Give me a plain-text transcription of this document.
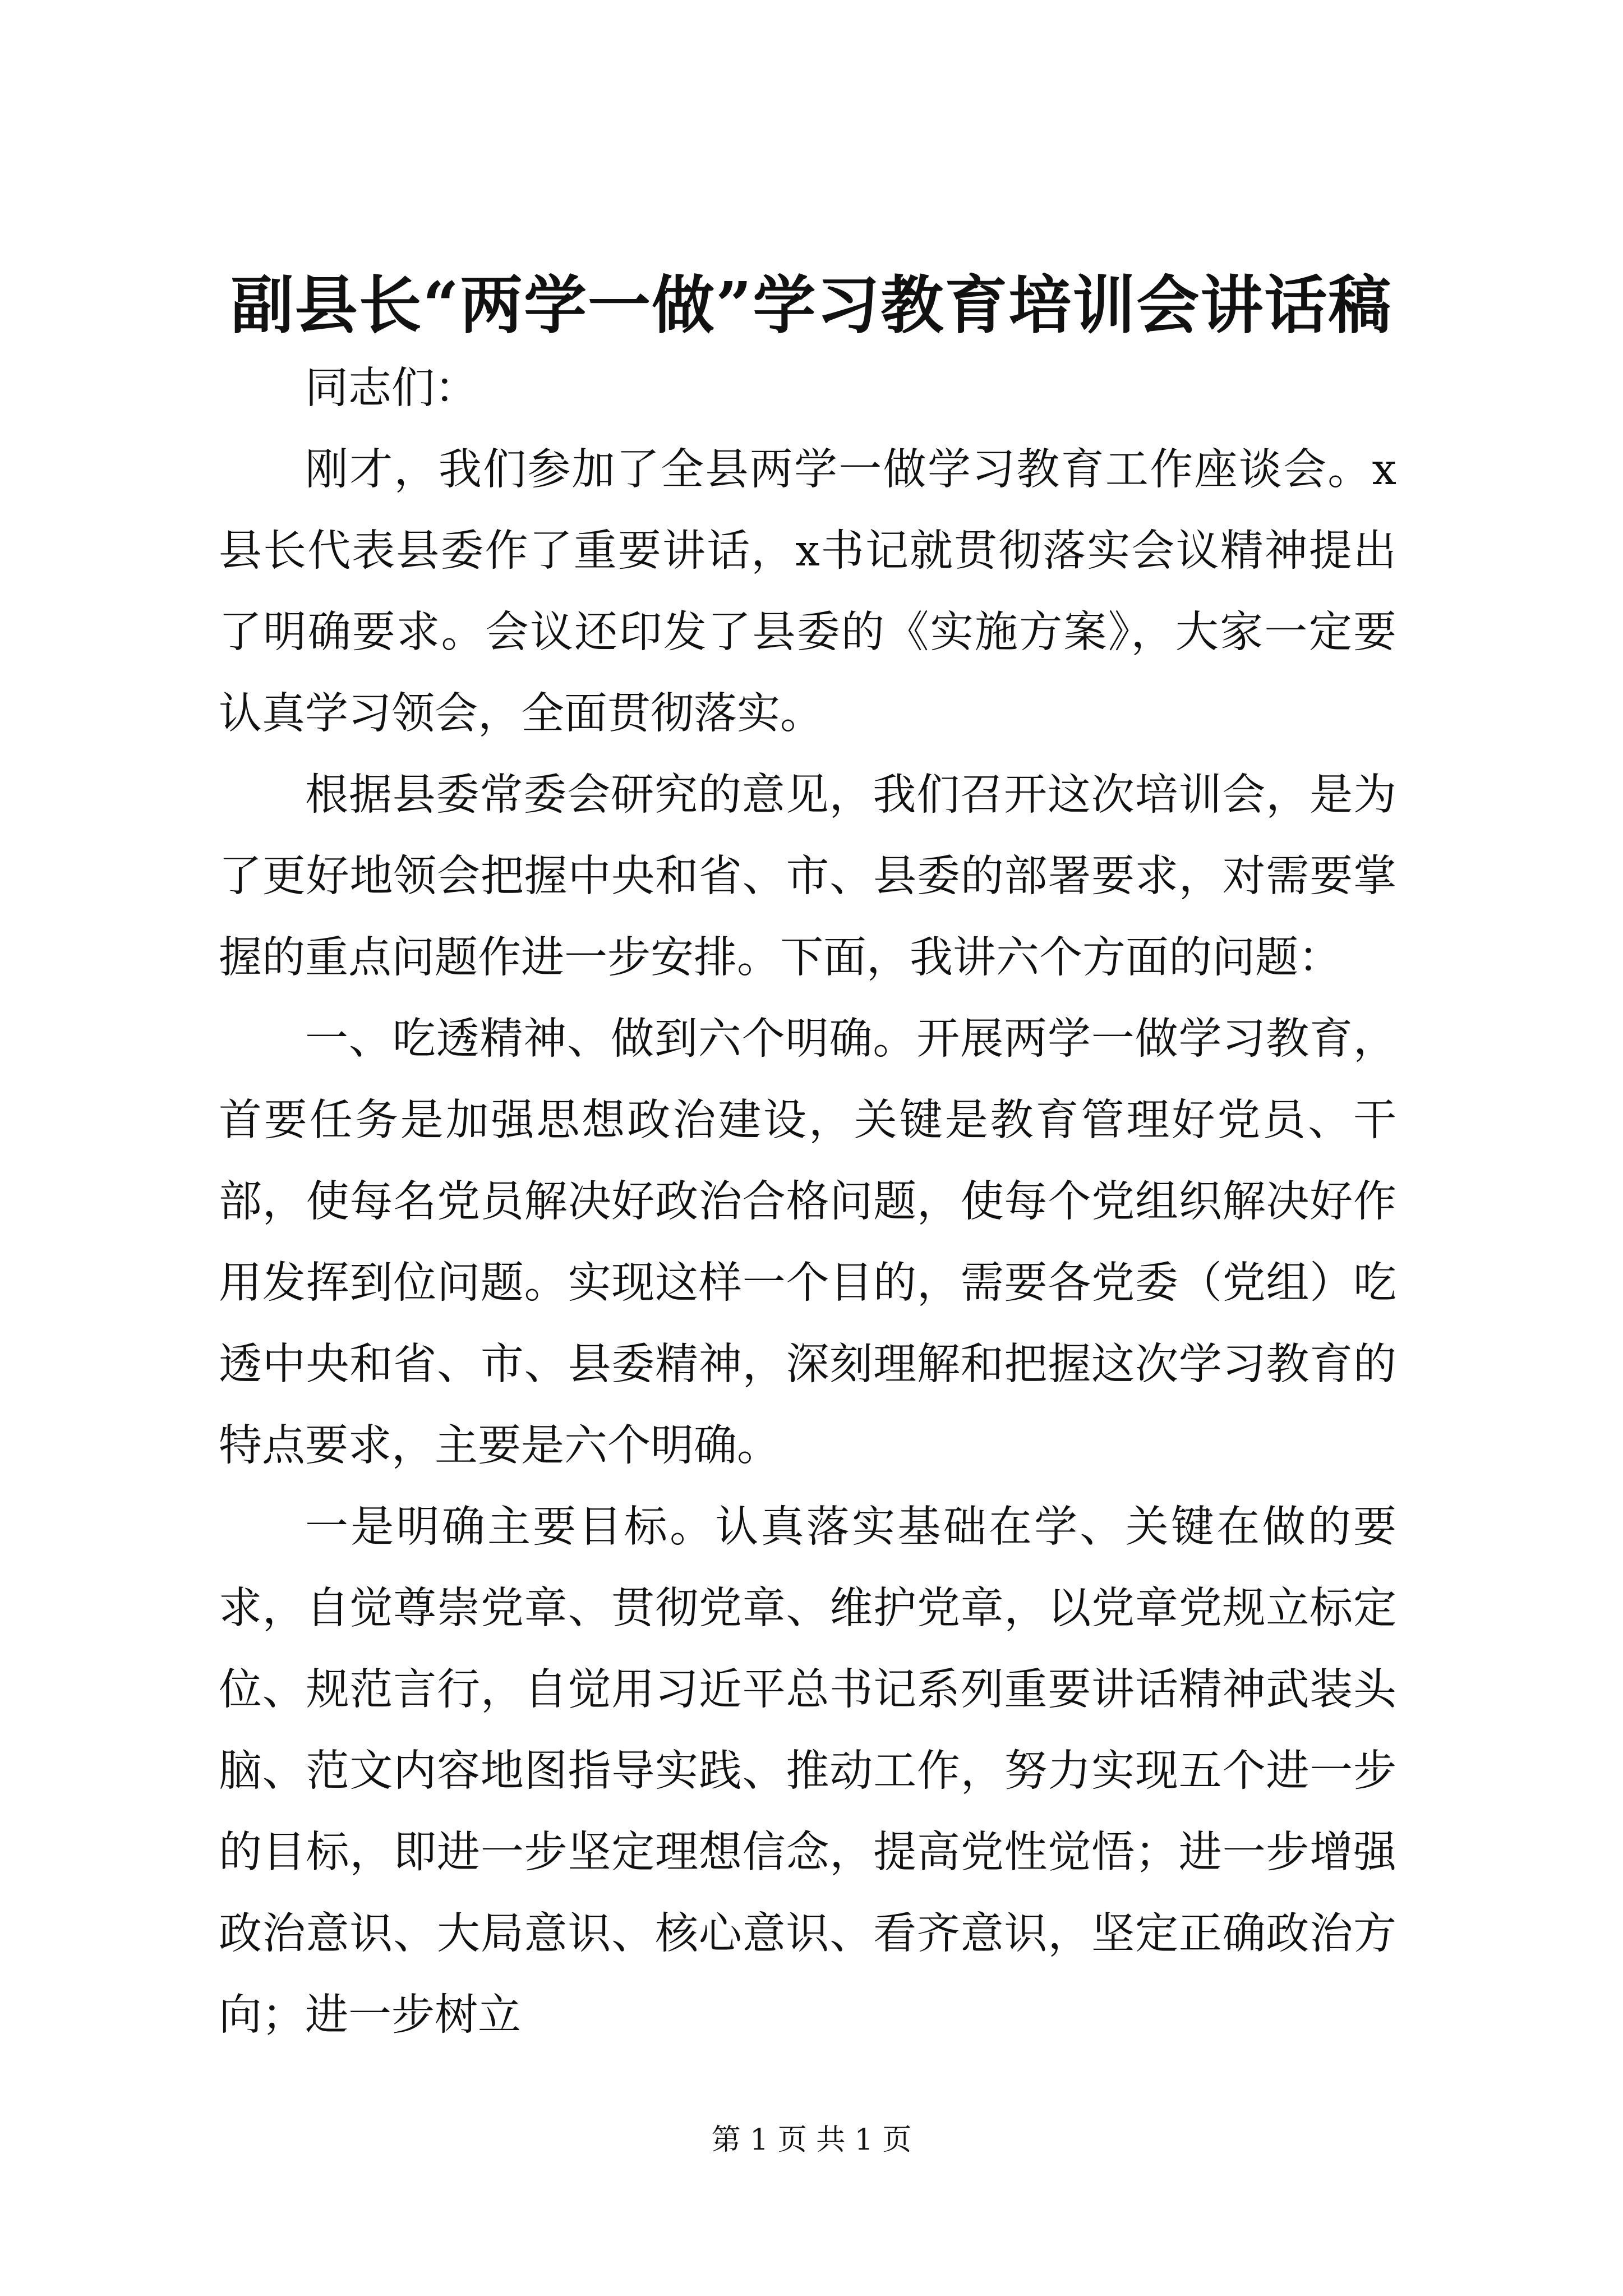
副县长“两学一做”学习教育培训会讲话稿

同志们：

刚才，我们参加了全县两学一做学习教育工作座谈会。x县长代表县委作了重要讲话，x书记就贯彻落实会议精神提出了明确要求。会议还印发了县委的《实施方案》，大家一定要认真学习领会，全面贯彻落实。

根据县委常委会研究的意见，我们召开这次培训会，是为了更好地领会把握中央和省、市、县委的部署要求，对需要掌握的重点问题作进一步安排。下面，我讲六个方面的问题：

一、吃透精神、做到六个明确。开展两学一做学习教育，首要任务是加强思想政治建设，关键是教育管理好党员、干部，使每名党员解决好政治合格问题，使每个党组织解决好作用发挥到位问题。实现这样一个目的，需要各党委（党组）吃透中央和省、市、县委精神，深刻理解和把握这次学习教育的特点要求，主要是六个明确。

一是明确主要目标。认真落实基础在学、关键在做的要求，自觉尊崇党章、贯彻党章、维护党章，以党章党规立标定位、规范言行，自觉用习近平总书记系列重要讲话精神武装头脑、范文内容地图指导实践、推动工作，努力实现五个进一步的目标，即进一步坚定理想信念，提高党性觉悟；进一步增强政治意识、大局意识、核心意识、看齐意识，坚定正确政治方向；进一步树立

第 1 页 共 1 页
